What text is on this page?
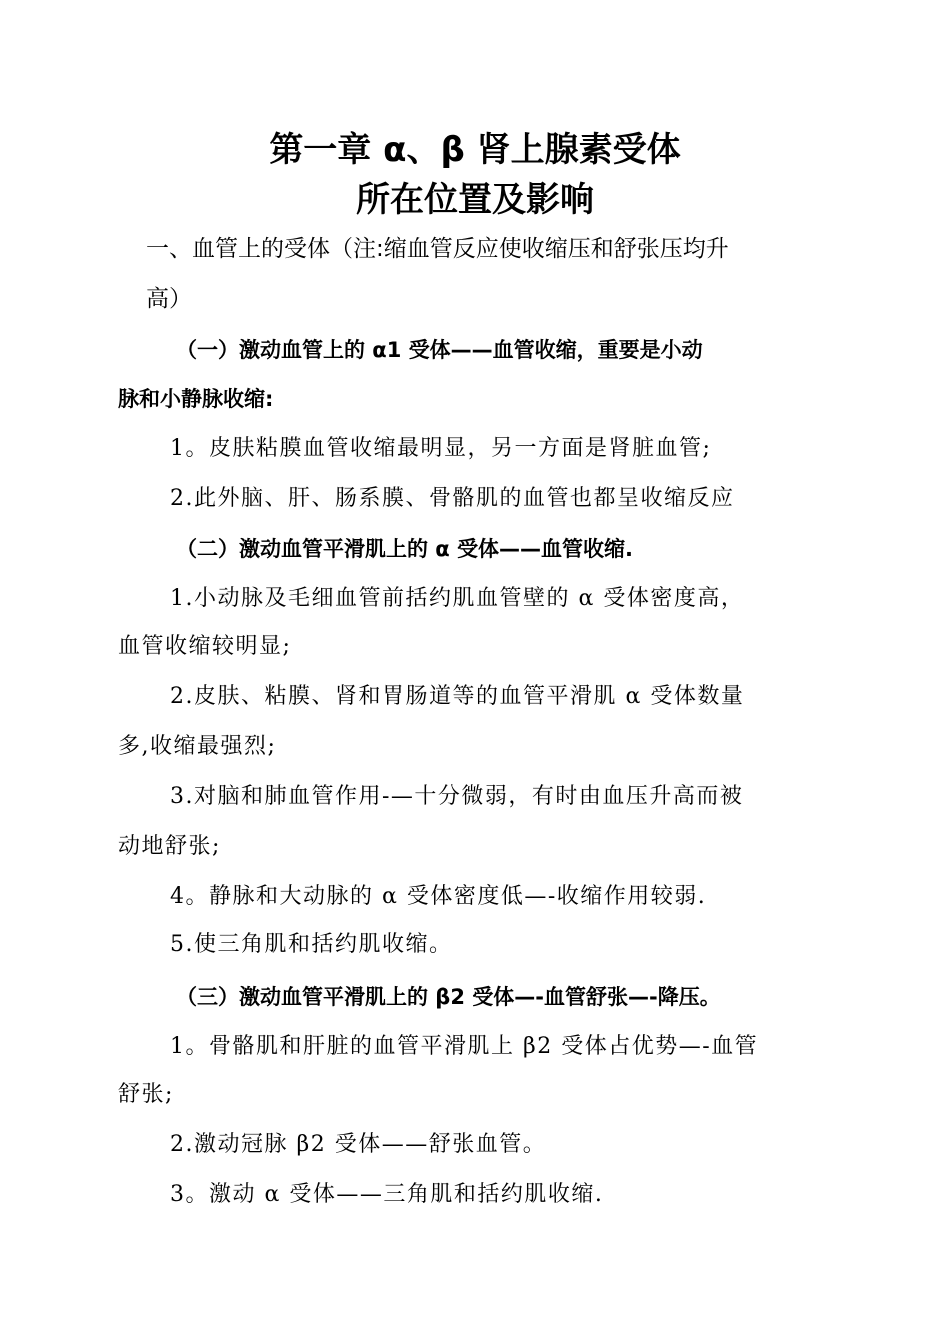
第一章 α、β 肾上腺素受体
所在位置及影响
一、血管上的受体（注:缩血管反应使收缩压和舒张压均升
高）
（一）激动血管上的 α1 受体——血管收缩，重要是小动
脉和小静脉收缩:
1。皮肤粘膜血管收缩最明显，另一方面是肾脏血管;
2.此外脑、肝、肠系膜、骨骼肌的血管也都呈收缩反应
（二）激动血管平滑肌上的 α 受体——血管收缩.
1.小动脉及毛细血管前括约肌血管壁的 α 受体密度高，
血管收缩较明显;
2.皮肤、粘膜、肾和胃肠道等的血管平滑肌 α 受体数量
多,收缩最强烈;
3.对脑和肺血管作用-—十分微弱，有时由血压升高而被
动地舒张;
4。静脉和大动脉的 α 受体密度低—-收缩作用较弱.
5.使三角肌和括约肌收缩。
（三）激动血管平滑肌上的 β2 受体—-血管舒张—-降压。
1。骨骼肌和肝脏的血管平滑肌上 β2 受体占优势—-血管
舒张;
2.激动冠脉 β2 受体——舒张血管。
3。激动 α 受体——三角肌和括约肌收缩.
